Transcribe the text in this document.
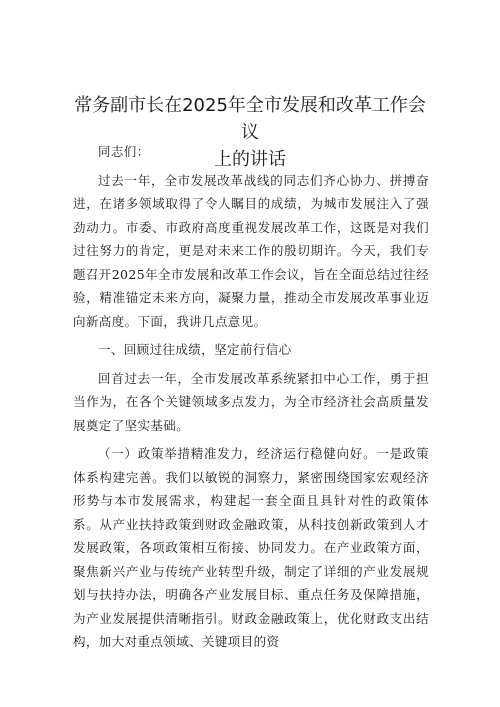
常务副市长在2025年全市发展和改革工作会议
上的讲话

同志们：

过去一年，全市发展改革战线的同志们齐心协力、拼搏奋进，在诸多领域取得了令人瞩目的成绩，为城市发展注入了强劲动力。市委、市政府高度重视发展改革工作，这既是对我们过往努力的肯定，更是对未来工作的殷切期许。今天，我们专题召开2025年全市发展和改革工作会议，旨在全面总结过往经验，精准锚定未来方向，凝聚力量，推动全市发展改革事业迈向新高度。下面，我讲几点意见。

一、回顾过往成绩，坚定前行信心

回首过去一年，全市发展改革系统紧扣中心工作，勇于担当作为，在各个关键领域多点发力，为全市经济社会高质量发展奠定了坚实基础。

（一）政策举措精准发力，经济运行稳健向好。一是政策体系构建完善。我们以敏锐的洞察力，紧密围绕国家宏观经济形势与本市发展需求，构建起一套全面且具针对性的政策体系。从产业扶持政策到财政金融政策，从科技创新政策到人才发展政策，各项政策相互衔接、协同发力。在产业政策方面，聚焦新兴产业与传统产业转型升级，制定了详细的产业发展规划与扶持办法，明确各产业发展目标、重点任务及保障措施，为产业发展提供清晰指引。财政金融政策上，优化财政支出结构，加大对重点领域、关键项目的资
